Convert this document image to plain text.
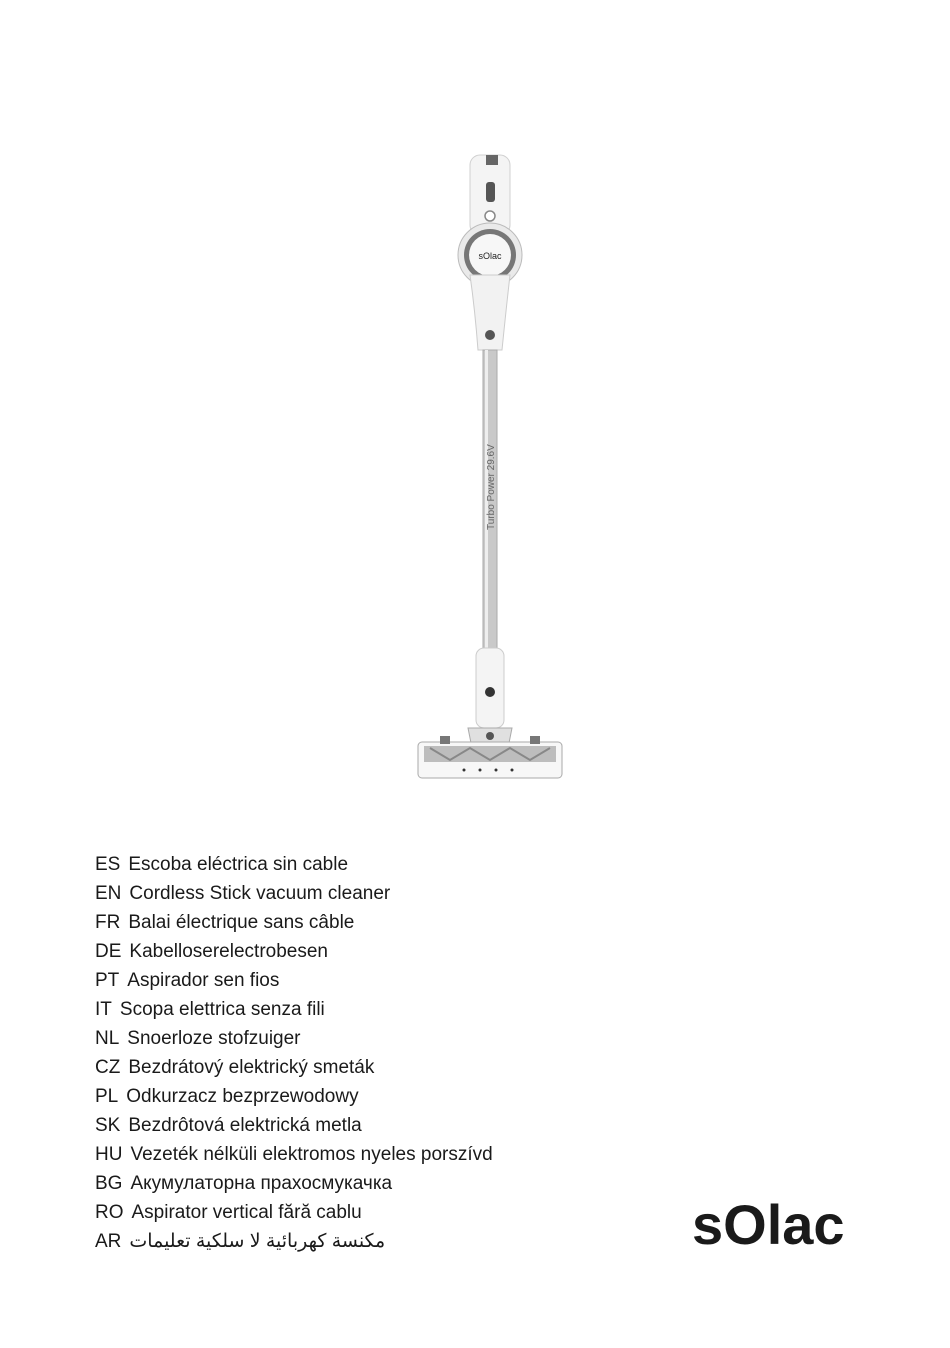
sOlac
Turbo Power 29.6V
ES Escoba eléctrica sin cable
EN Cordless Stick vacuum cleaner
FR Balai électrique sans câble
DE Kabelloserelectrobesen
PT Aspirador sen fios
IT Scopa elettrica senza fili
NL Snoerloze stofzuiger
CZ Bezdrátový elektrický smeták
PL Odkurzacz bezprzewodowy
SK Bezdrôtová elektrická metla
HU Vezeték nélküli elektromos nyeles porszívd
BG Акумулаторна прахосмукачка
RO Aspirator vertical fără cablu
AR مكنسة كهربائية لا سلكية تعليمات	sOlac
